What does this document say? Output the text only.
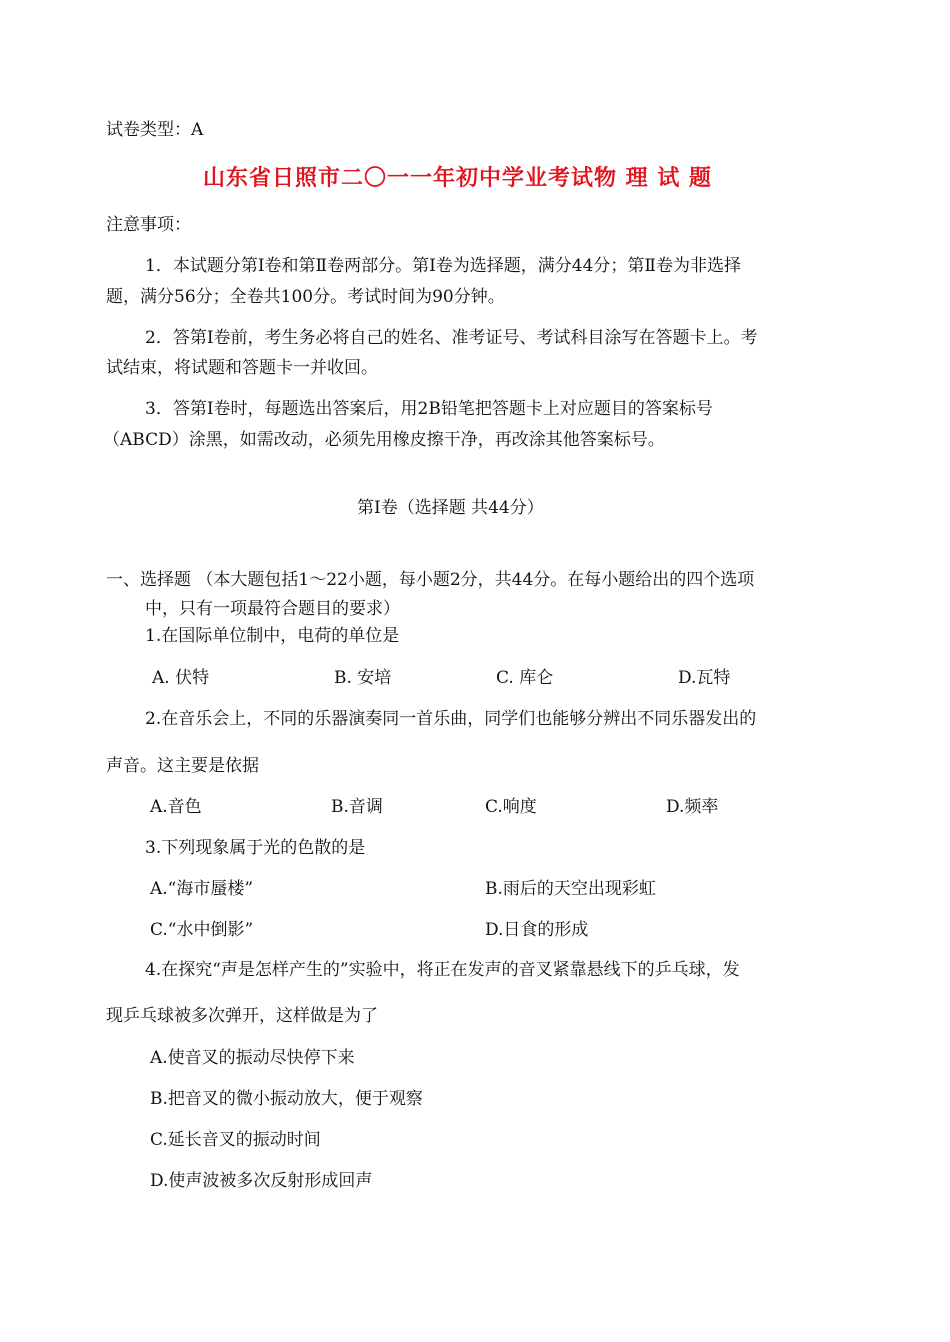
试卷类型：A
山东省日照市二〇一一年初中学业考试物 理 试 题
注意事项：
1．本试题分第Ⅰ卷和第Ⅱ卷两部分。第Ⅰ卷为选择题，满分44分；第Ⅱ卷为非选择
题，满分56分；全卷共100分。考试时间为90分钟。
2．答第Ⅰ卷前，考生务必将自己的姓名、准考证号、考试科目涂写在答题卡上。考
试结束，将试题和答题卡一并收回。
3．答第Ⅰ卷时，每题选出答案后，用2B铅笔把答题卡上对应题目的答案标号
（ABCD）涂黑，如需改动，必须先用橡皮擦干净，再改涂其他答案标号。
第Ⅰ卷（选择题 共44分）
一、选择题 （本大题包括1～22小题，每小题2分，共44分。在每小题给出的四个选项
中，只有一项最符合题目的要求）
1.在国际单位制中，电荷的单位是
A. 伏特	B. 安培	C. 库仑	D.瓦特
2.在音乐会上，不同的乐器演奏同一首乐曲，同学们也能够分辨出不同乐器发出的
声音。这主要是依据
A.音色	B.音调	C.响度	D.频率
3.下列现象属于光的色散的是
A.“海市蜃楼”	B.雨后的天空出现彩虹
C.“水中倒影”	D.日食的形成
4.在探究“声是怎样产生的”实验中，将正在发声的音叉紧靠悬线下的乒乓球，发
现乒乓球被多次弹开，这样做是为了
A.使音叉的振动尽快停下来
B.把音叉的微小振动放大，便于观察
C.延长音叉的振动时间
D.使声波被多次反射形成回声
